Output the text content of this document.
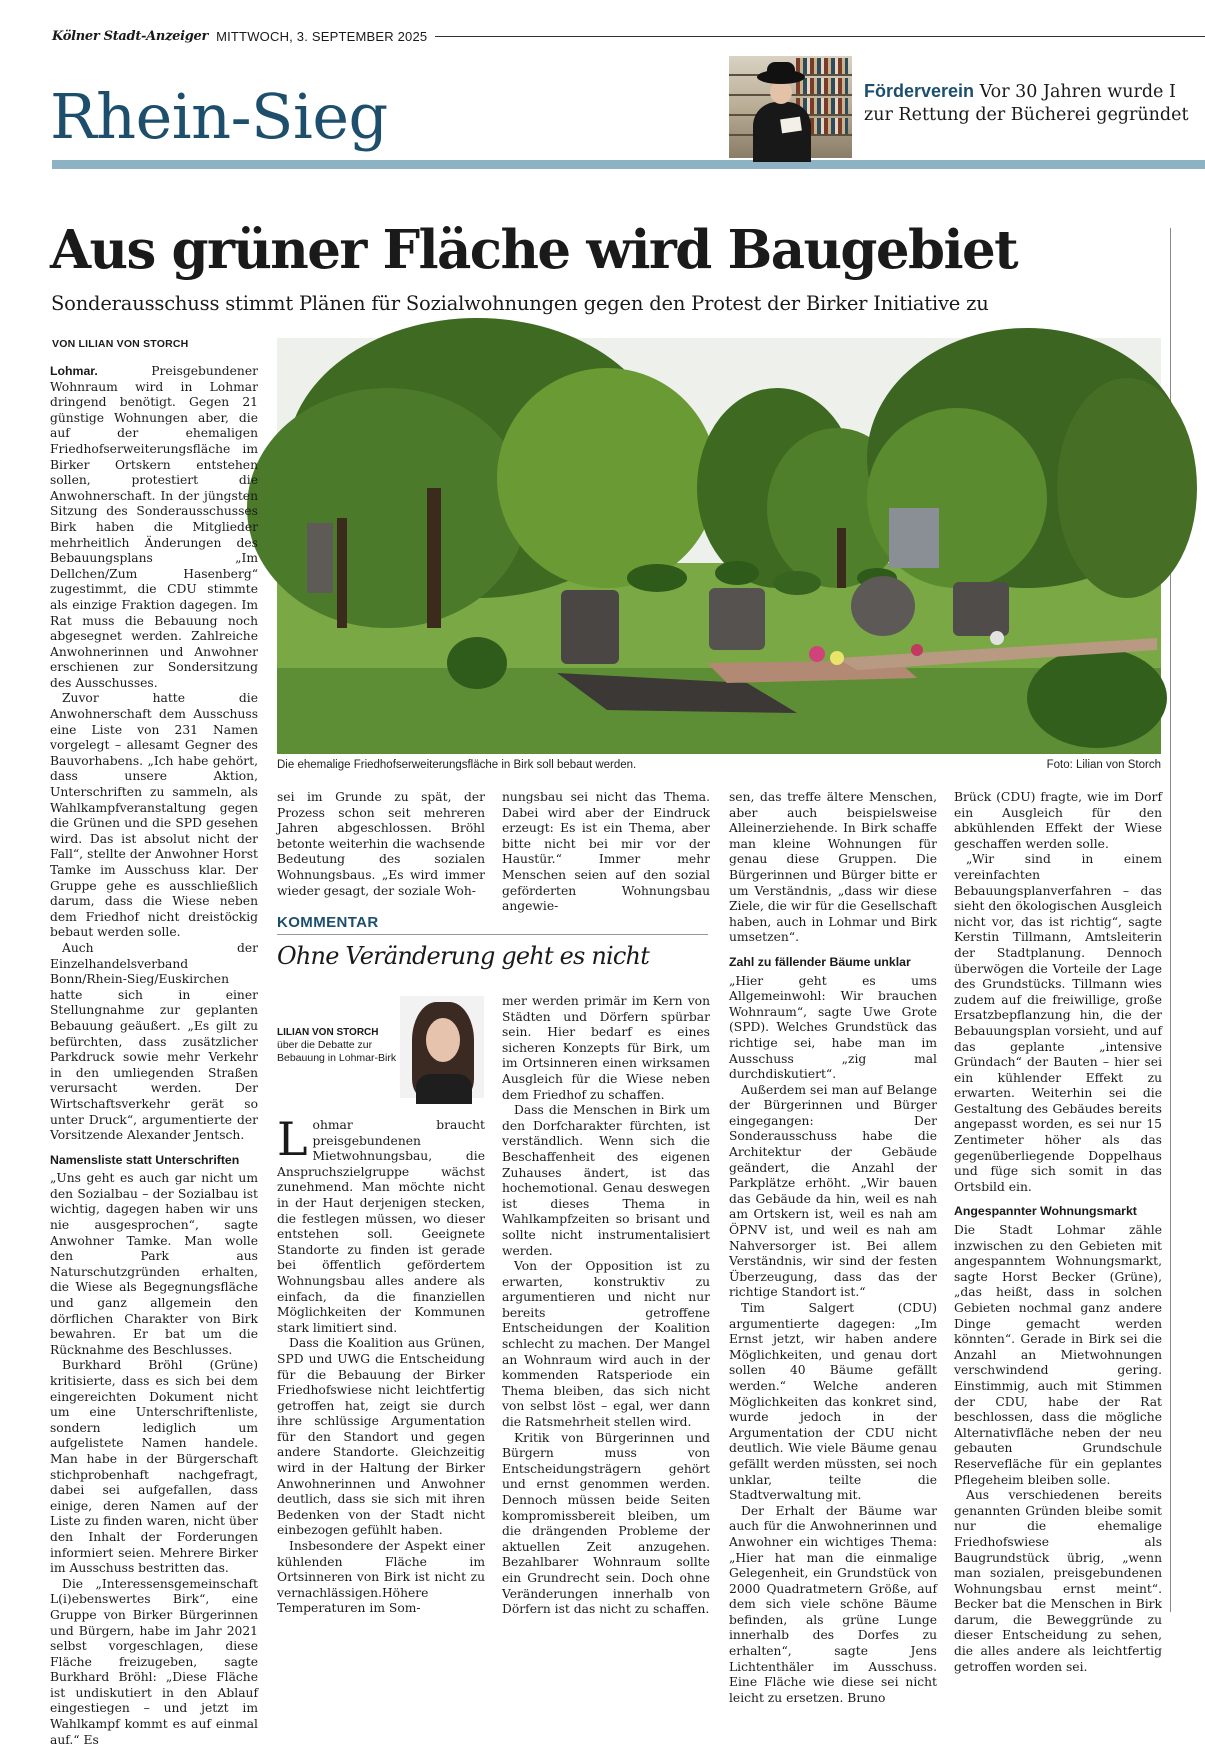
Kölner Stadt-Anzeiger MITTWOCH, 3. SEPTEMBER 2025
Rhein-Sieg	Förderverein Vor 30 Jahren wurde I
zur Rettung der Bücherei gegründet
Aus grüner Fläche wird Baugebiet
Sonderausschuss stimmt Plänen für Sozialwohnungen gegen den Protest der Birker Initiative zu
VON LILIAN VON STORCH
Die ehemalige Friedhofserweiterungsfläche in Birk soll bebaut werden.	Foto: Lilian von Storch

Lohmar.	Preisgebundener Wohnraum wird in Lohmar dringend benötigt. Gegen 21 günstige Wohnungen aber, die auf der ehemaligen Friedhofserweiterungsfläche im Birker Ortskern entstehen sollen, protestiert die Anwohnerschaft. In der jüngsten Sitzung des Sonderausschusses Birk haben die Mitglieder mehrheitlich Änderungen des Bebauungsplans „Im Dellchen/Zum Hasenberg“ zugestimmt, die CDU stimmte als einzige Fraktion dagegen. Im Rat muss die Bebauung noch abgesegnet werden. Zahlreiche Anwohnerinnen und Anwohner erschienen zur Sondersitzung des Ausschusses.

Zuvor hatte die Anwohnerschaft dem Ausschuss eine Liste von 231 Namen vorgelegt – allesamt Gegner des Bauvorhabens. „Ich habe gehört, dass unsere Aktion, Unterschriften zu sammeln, als Wahlkampfveranstaltung gegen die Grünen und die SPD gesehen wird. Das ist absolut nicht der Fall“, stellte der Anwohner Horst Tamke im Ausschuss klar. Der Gruppe gehe es ausschließlich darum, dass die Wiese neben dem Friedhof nicht dreistöckig bebaut werden solle.

Auch der Einzelhandelsverband Bonn/Rhein-Sieg/Euskirchen hatte sich in einer Stellungnahme zur geplanten Bebauung geäußert. „Es gilt zu befürchten, dass zusätzlicher Parkdruck sowie mehr Verkehr in den umliegenden Straßen verursacht werden. Der Wirtschaftsverkehr gerät so unter Druck“, argumentierte der Vorsitzende Alexander Jentsch.

Namensliste statt Unterschriften

„Uns geht es auch gar nicht um den Sozialbau – der Sozialbau ist wichtig, dagegen haben wir uns nie ausgesprochen“, sagte Anwohner Tamke. Man wolle den Park aus Naturschutzgründen erhalten, die Wiese als Begegnungsfläche und ganz allgemein den dörflichen Charakter von Birk bewahren. Er bat um die Rücknahme des Beschlusses.

Burkhard Bröhl (Grüne) kritisierte, dass es sich bei dem eingereichten Dokument nicht um eine Unterschriftenliste, sondern lediglich um aufgelistete Namen handele. Man habe in der Bürgerschaft stichprobenhaft nachgefragt, dabei sei aufgefallen, dass einige, deren Namen auf der Liste zu finden waren, nicht über den Inhalt der Forderungen informiert seien. Mehrere Birker im Ausschuss bestritten das.

Die „Interessensgemeinschaft L(i)ebenswertes Birk“, eine Gruppe von Birker Bürgerinnen und Bürgern, habe im Jahr 2021 selbst vorgeschlagen, diese Fläche freizugeben, sagte Burkhard Bröhl: „Diese Fläche ist undiskutiert in den Ablauf eingestiegen – und jetzt im Wahlkampf kommt es auf einmal auf.“ Es

sei im Grunde zu spät, der Prozess schon seit mehreren Jahren abgeschlossen. Bröhl betonte weiterhin die wachsende Bedeutung des sozialen Wohnungsbaus. „Es wird immer wieder gesagt, der soziale Woh-

nungsbau sei nicht das Thema. Dabei wird aber der Eindruck erzeugt: Es ist ein Thema, aber bitte nicht bei mir vor der Haustür.“ Immer mehr Menschen seien auf den sozial geförderten Wohnungsbau angewie-

sen, das treffe ältere Menschen, aber auch beispielsweise Alleinerziehende. In Birk schaffe man kleine Wohnungen für genau diese Gruppen. Die Bürgerinnen und Bürger bitte er um Verständnis, „dass wir diese Ziele, die wir für die Gesellschaft haben, auch in Lohmar und Birk umsetzen“.

Zahl zu fällender Bäume unklar

„Hier geht es ums Allgemeinwohl: Wir brauchen Wohnraum“, sagte Uwe Grote (SPD). Welches Grundstück das richtige sei, habe man im Ausschuss „zig mal durchdiskutiert“.

Außerdem sei man auf Belange der Bürgerinnen und Bürger eingegangen: Der Sonderausschuss habe die Architektur der Gebäude geändert, die Anzahl der Parkplätze erhöht. „Wir bauen das Gebäude da hin, weil es nah am Ortskern ist, weil es nah am ÖPNV ist, und weil es nah am Nahversorger ist. Bei allem Verständnis, wir sind der festen Überzeugung, dass das der richtige Standort ist.“

Tim Salgert (CDU) argumentierte dagegen: „Im Ernst jetzt, wir haben andere Möglichkeiten, und genau dort sollen 40 Bäume gefällt werden.“ Welche anderen Möglichkeiten das konkret sind, wurde jedoch in der Argumentation der CDU nicht deutlich. Wie viele Bäume genau gefällt werden müssten, sei noch unklar, teilte die Stadtverwaltung mit.

Der Erhalt der Bäume war auch für die Anwohnerinnen und Anwohner ein wichtiges Thema: „Hier hat man die einmalige Gelegenheit, ein Grundstück von 2000 Quadratmetern Größe, auf dem sich viele schöne Bäume befinden, als grüne Lunge innerhalb des Dorfes zu erhalten“, sagte Jens Lichtenthäler im Ausschuss. Eine Fläche wie diese sei nicht leicht zu ersetzen. Bruno

Brück (CDU) fragte, wie im Dorf ein Ausgleich für den abkühlenden Effekt der Wiese geschaffen werden solle.

„Wir sind in einem vereinfachten Bebauungsplanverfahren – das sieht den ökologischen Ausgleich nicht vor, das ist richtig“, sagte Kerstin Tillmann, Amtsleiterin der Stadtplanung. Dennoch überwögen die Vorteile der Lage des Grundstücks. Tillmann wies zudem auf die freiwillige, große Ersatzbepflanzung hin, die der Bebauungsplan vorsieht, und auf das geplante „intensive Gründach“ der Bauten – hier sei ein kühlender Effekt zu erwarten. Weiterhin sei die Gestaltung des Gebäudes bereits angepasst worden, es sei nur 15 Zentimeter höher als das gegenüberliegende Doppelhaus und füge sich somit in das Ortsbild ein.

Angespannter Wohnungsmarkt

Die Stadt Lohmar zähle inzwischen zu den Gebieten mit angespanntem Wohnungsmarkt, sagte Horst Becker (Grüne), „das heißt, dass in solchen Gebieten nochmal ganz andere Dinge gemacht werden könnten“. Gerade in Birk sei die Anzahl an Mietwohnungen verschwindend gering. Einstimmig, auch mit Stimmen der CDU, habe der Rat beschlossen, dass die mögliche Alternativfläche neben der neu gebauten Grundschule Reservefläche für ein geplantes Pflegeheim bleiben solle.

Aus verschiedenen bereits genannten Gründen bleibe somit nur die ehemalige Friedhofswiese als Baugrundstück übrig, „wenn man sozialen, preisgebundenen Wohnungsbau ernst meint“. Becker bat die Menschen in Birk darum, die Beweggründe zu dieser Entscheidung zu sehen, die alles andere als leichtfertig getroffen worden sei.

KOMMENTAR
Ohne Veränderung geht es nicht
LILIAN VON STORCH
über die Debatte zur Bebauung in Lohmar-Birk

Lohmar braucht preisgebundenen Mietwohnungsbau, die Anspruchszielgruppe wächst zunehmend. Man möchte nicht in der Haut derjenigen stecken, die festlegen müssen, wo dieser entstehen soll. Geeignete Standorte zu finden ist gerade bei öffentlich gefördertem Wohnungsbau alles andere als einfach, da die finanziellen Möglichkeiten der Kommunen stark limitiert sind.

Dass die Koalition aus Grünen, SPD und UWG die Entscheidung für die Bebauung der Birker Friedhofswiese nicht leichtfertig getroffen hat, zeigt sie durch ihre schlüssige Argumentation für den Standort und gegen andere Standorte. Gleichzeitig wird in der Haltung der Birker Anwohnerinnen und Anwohner deutlich, dass sie sich mit ihren Bedenken von der Stadt nicht einbezogen gefühlt haben.

Insbesondere der Aspekt einer kühlenden Fläche im Ortsinneren von Birk ist nicht zu vernachlässigen.Höhere Temperaturen im Som-

mer werden primär im Kern von Städten und Dörfern spürbar sein. Hier bedarf es eines sicheren Konzepts für Birk, um im Ortsinneren einen wirksamen Ausgleich für die Wiese neben dem Friedhof zu schaffen.

Dass die Menschen in Birk um den Dorfcharakter fürchten, ist verständlich. Wenn sich die Beschaffenheit des eigenen Zuhauses ändert, ist das hochemotional. Genau deswegen ist dieses Thema in Wahlkampfzeiten so brisant und sollte nicht instrumentalisiert werden.

Von der Opposition ist zu erwarten, konstruktiv zu argumentieren und nicht nur bereits getroffene Entscheidungen der Koalition schlecht zu machen. Der Mangel an Wohnraum wird auch in der kommenden Ratsperiode ein Thema bleiben, das sich nicht von selbst löst – egal, wer dann die Ratsmehrheit stellen wird.

Kritik von Bürgerinnen und Bürgern muss von Entscheidungsträgern gehört und ernst genommen werden. Dennoch müssen beide Seiten kompromissbereit bleiben, um die drängenden Probleme der aktuellen Zeit anzugehen. Bezahlbarer Wohnraum sollte ein Grundrecht sein. Doch ohne Veränderungen innerhalb von Dörfern ist das nicht zu schaffen.
